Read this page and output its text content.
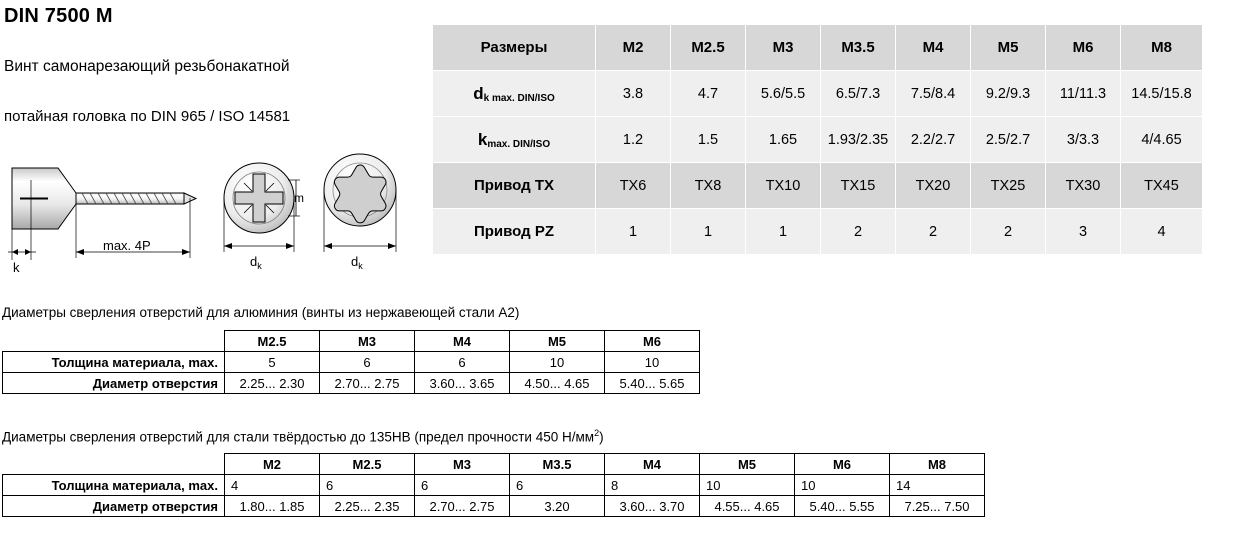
DIN 7500 M
Винт самонарезающий резьбонакатной
потайная головка по DIN 965 / ISO 14581
k
max. 4P
$d_k$
m
$d_k$
Размеры	M2	M2.5	M3	M3.5	M4	M5	M6	M8
dk max. DIN/ISO	3.8	4.7	5.6/5.5	6.5/7.3	7.5/8.4	9.2/9.3	11/11.3	14.5/15.8
kmax. DIN/ISO	1.2	1.5	1.65	1.93/2.35	2.2/2.7	2.5/2.7	3/3.3	4/4.65
Привод TX	TX6	TX8	TX10	TX15	TX20	TX25	TX30	TX45
Привод PZ	1	1	1	2	2	2	3	4
Диаметры сверления отверстий для алюминия (винты из нержавеющей стали A2)
	M2.5	M3	M4	M5	M6
Толщина материала, max.	5	6	6	10	10
Диаметр отверстия	2.25... 2.30	2.70... 2.75	3.60... 3.65	4.50... 4.65	5.40... 5.65
Диаметры сверления отверстий для стали твёрдостью до 135HB (предел прочности 450 $Н/мм^2$)
	M2	M2.5	M3	M3.5	M4	M5	M6	M8
Толщина материала, max.	4	6	6	6	8	10	10	14
Диаметр отверстия	1.80... 1.85	2.25... 2.35	2.70... 2.75	3.20	3.60... 3.70	4.55... 4.65	5.40... 5.55	7.25... 7.50
